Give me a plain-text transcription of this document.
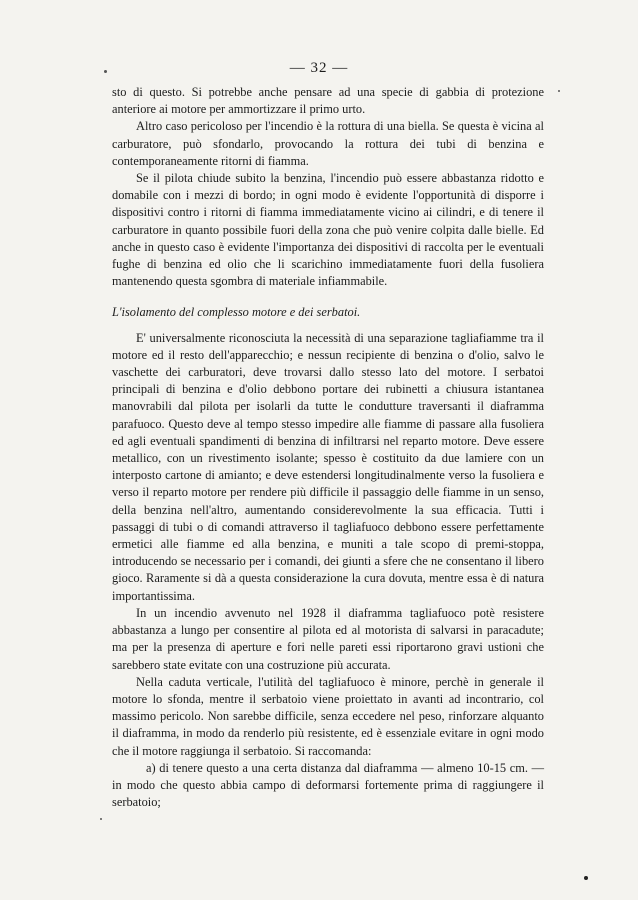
— 32 —

sto di questo. Si potrebbe anche pensare ad una specie di gabbia di protezione anteriore ai motore per ammortizzare il primo urto.

Altro caso pericoloso per l'incendio è la rottura di una biella. Se questa è vicina al carburatore, può sfondarlo, provocando la rottura dei tubi di benzina e contemporaneamente ritorni di fiamma.

Se il pilota chiude subito la benzina, l'incendio può essere abbastanza ridotto e domabile con i mezzi di bordo; in ogni modo è evidente l'opportunità di disporre i dispositivi contro i ritorni di fiamma immediatamente vicino ai cilindri, e di tenere il carburatore in quanto possibile fuori della zona che può venire colpita dalle bielle. Ed anche in questo caso è evidente l'importanza dei dispositivi di raccolta per le eventuali fughe di benzina ed olio che li scarichino immediatamente fuori della fusoliera mantenendo questa sgombra di materiale infiammabile.

L'isolamento del complesso motore e dei serbatoi.

E' universalmente riconosciuta la necessità di una separazione tagliafiamme tra il motore ed il resto dell'apparecchio; e nessun recipiente di benzina o d'olio, salvo le vaschette dei carburatori, deve trovarsi dallo stesso lato del motore. I serbatoi principali di benzina e d'olio debbono portare dei rubinetti a chiusura istantanea manovrabili dal pilota per isolarli da tutte le condutture traversanti il diaframma parafuoco. Questo deve al tempo stesso impedire alle fiamme di passare alla fusoliera ed agli eventuali spandimenti di benzina di infiltrarsi nel reparto motore. Deve essere metallico, con un rivestimento isolante; spesso è costituito da due lamiere con un interposto cartone di amianto; e deve estendersi longitudinalmente verso la fusoliera e verso il reparto motore per rendere più difficile il passaggio delle fiamme in un senso, della benzina nell'altro, aumentando considerevolmente la sua efficacia. Tutti i passaggi di tubi o di comandi attraverso il tagliafuoco debbono essere perfettamente ermetici alle fiamme ed alla benzina, e muniti a tale scopo di premi-stoppa, introducendo se necessario per i comandi, dei giunti a sfere che ne consentano il libero gioco. Raramente si dà a questa considerazione la cura dovuta, mentre essa è di natura importantissima.

In un incendio avvenuto nel 1928 il diaframma tagliafuoco potè resistere abbastanza a lungo per consentire al pilota ed al motorista di salvarsi in paracadute; ma per la presenza di aperture e fori nelle pareti essi riportarono gravi ustioni che sarebbero state evitate con una costruzione più accurata.

Nella caduta verticale, l'utilità del tagliafuoco è minore, perchè in generale il motore lo sfonda, mentre il serbatoio viene proiettato in avanti ad incontrario, col massimo pericolo. Non sarebbe difficile, senza eccedere nel peso, rinforzare alquanto il diaframma, in modo da renderlo più resistente, ed è essenziale evitare in ogni modo che il motore raggiunga il serbatoio. Si raccomanda:

a) di tenere questo a una certa distanza dal diaframma — almeno 10-15 cm. — in modo che questo abbia campo di deformarsi fortemente prima di raggiungere il serbatoio;
